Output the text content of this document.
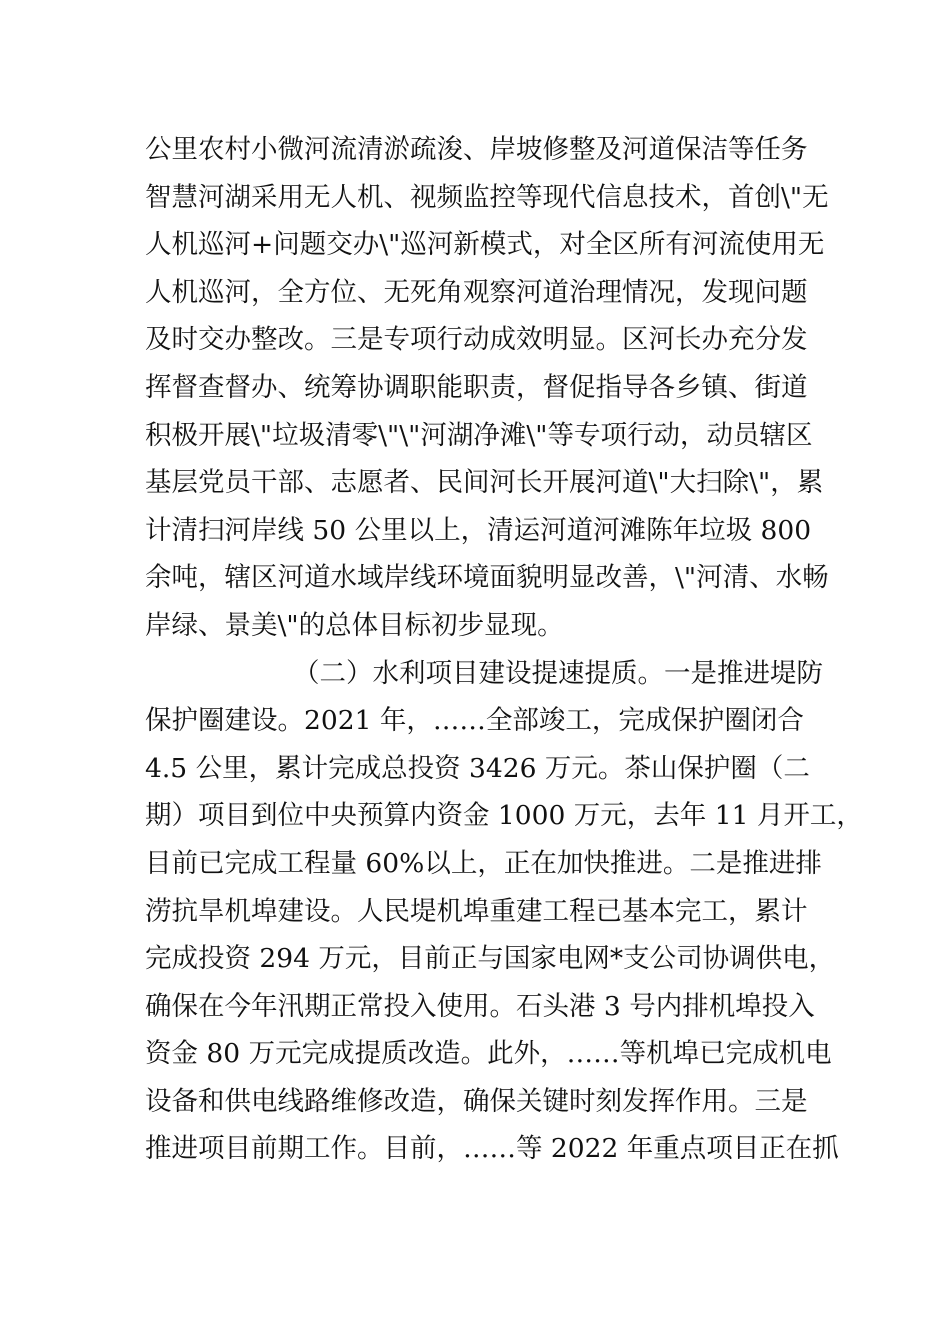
公里农村小微河流清淤疏浚、岸坡修整及河道保洁等任务
智慧河湖采用无人机、视频监控等现代信息技术，首创\"无
人机巡河+问题交办\"巡河新模式，对全区所有河流使用无
人机巡河，全方位、无死角观察河道治理情况，发现问题
及时交办整改。三是专项行动成效明显。区河长办充分发
挥督查督办、统筹协调职能职责，督促指导各乡镇、街道
积极开展\"垃圾清零\"\"河湖净滩\"等专项行动，动员辖区
基层党员干部、志愿者、民间河长开展河道\"大扫除\"，累
计清扫河岸线 50 公里以上，清运河道河滩陈年垃圾 800
余吨，辖区河道水域岸线环境面貌明显改善，\"河清、水畅
岸绿、景美\"的总体目标初步显现。
（二）水利项目建设提速提质。一是推进堤防
保护圈建设。2021 年，……全部竣工，完成保护圈闭合
4.5 公里，累计完成总投资 3426 万元。茶山保护圈（二
期）项目到位中央预算内资金 1000 万元，去年 11 月开工，
目前已完成工程量 60%以上，正在加快推进。二是推进排
涝抗旱机埠建设。人民堤机埠重建工程已基本完工，累计
完成投资 294 万元，目前正与国家电网*支公司协调供电，
确保在今年汛期正常投入使用。石头港 3 号内排机埠投入
资金 80 万元完成提质改造。此外，……等机埠已完成机电
设备和供电线路维修改造，确保关键时刻发挥作用。三是
推进项目前期工作。目前，……等 2022 年重点项目正在抓
